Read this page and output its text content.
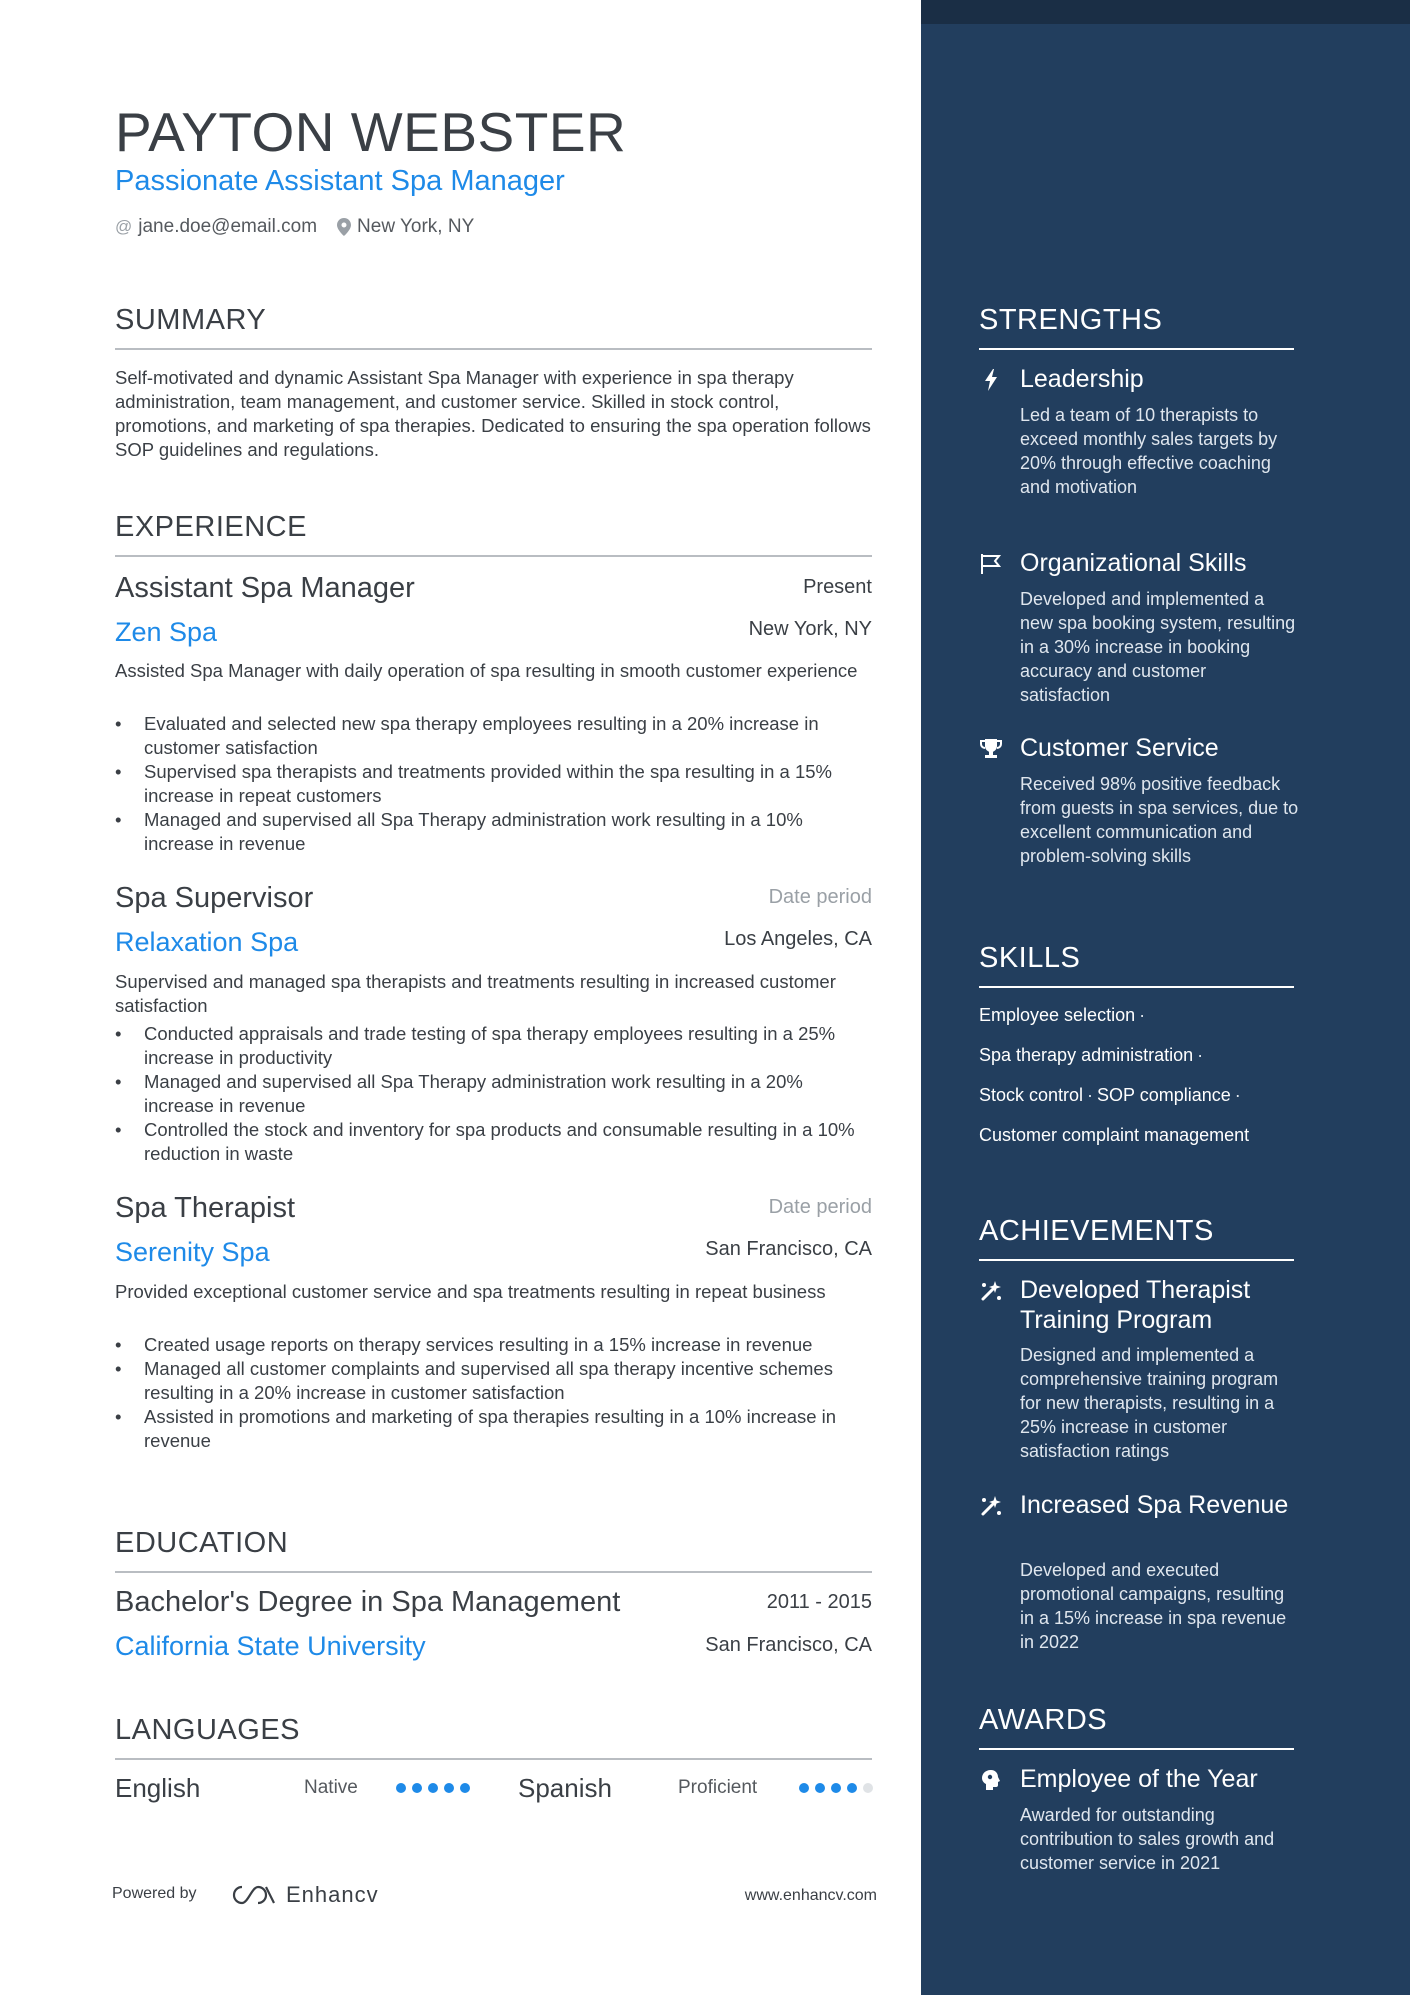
PAYTON WEBSTER
Passionate Assistant Spa Manager
@ jane.doe@email.com New York, NY
SUMMARY

Self-motivated and dynamic Assistant Spa Manager with experience in spa therapy administration, team management, and customer service. Skilled in stock control, promotions, and marketing of spa therapies. Dedicated to ensuring the spa operation follows SOP guidelines and regulations.

EXPERIENCE
Assistant Spa Manager	Present
Zen Spa	New York, NY

Assisted Spa Manager with daily operation of spa resulting in smooth customer experience

• Evaluated and selected new spa therapy employees resulting in a 20% increase in customer satisfaction
• Supervised spa therapists and treatments provided within the spa resulting in a 15% increase in repeat customers
• Managed and supervised all Spa Therapy administration work resulting in a 10% increase in revenue
Spa Supervisor	Date period
Relaxation Spa	Los Angeles, CA

Supervised and managed spa therapists and treatments resulting in increased customer satisfaction

• Conducted appraisals and trade testing of spa therapy employees resulting in a 25% increase in productivity
• Managed and supervised all Spa Therapy administration work resulting in a 20% increase in revenue
• Controlled the stock and inventory for spa products and consumable resulting in a 10% reduction in waste
Spa Therapist	Date period
Serenity Spa	San Francisco, CA

Provided exceptional customer service and spa treatments resulting in repeat business

• Created usage reports on therapy services resulting in a 15% increase in revenue
• Managed all customer complaints and supervised all spa therapy incentive schemes resulting in a 20% increase in customer satisfaction
• Assisted in promotions and marketing of spa therapies resulting in a 10% increase in revenue
EDUCATION
Bachelor's Degree in Spa Management	2011 - 2015
California State University	San Francisco, CA
LANGUAGES
English	Native	Spanish	Proficient
Powered by	Enhancv	www.enhancv.com
STRENGTHS
Leadership

Led a team of 10 therapists to exceed monthly sales targets by 20% through effective coaching and motivation

Organizational Skills

Developed and implemented a new spa booking system, resulting in a 30% increase in booking accuracy and customer satisfaction

Customer Service

Received 98% positive feedback from guests in spa services, due to excellent communication and problem-solving skills

SKILLS
Employee selection ·
Spa therapy administration ·
Stock control · SOP compliance ·
Customer complaint management
ACHIEVEMENTS
Developed Therapist Training Program

Designed and implemented a comprehensive training program for new therapists, resulting in a 25% increase in customer satisfaction ratings

Increased Spa Revenue

Developed and executed promotional campaigns, resulting in a 15% increase in spa revenue in 2022

AWARDS
Employee of the Year

Awarded for outstanding contribution to sales growth and customer service in 2021
